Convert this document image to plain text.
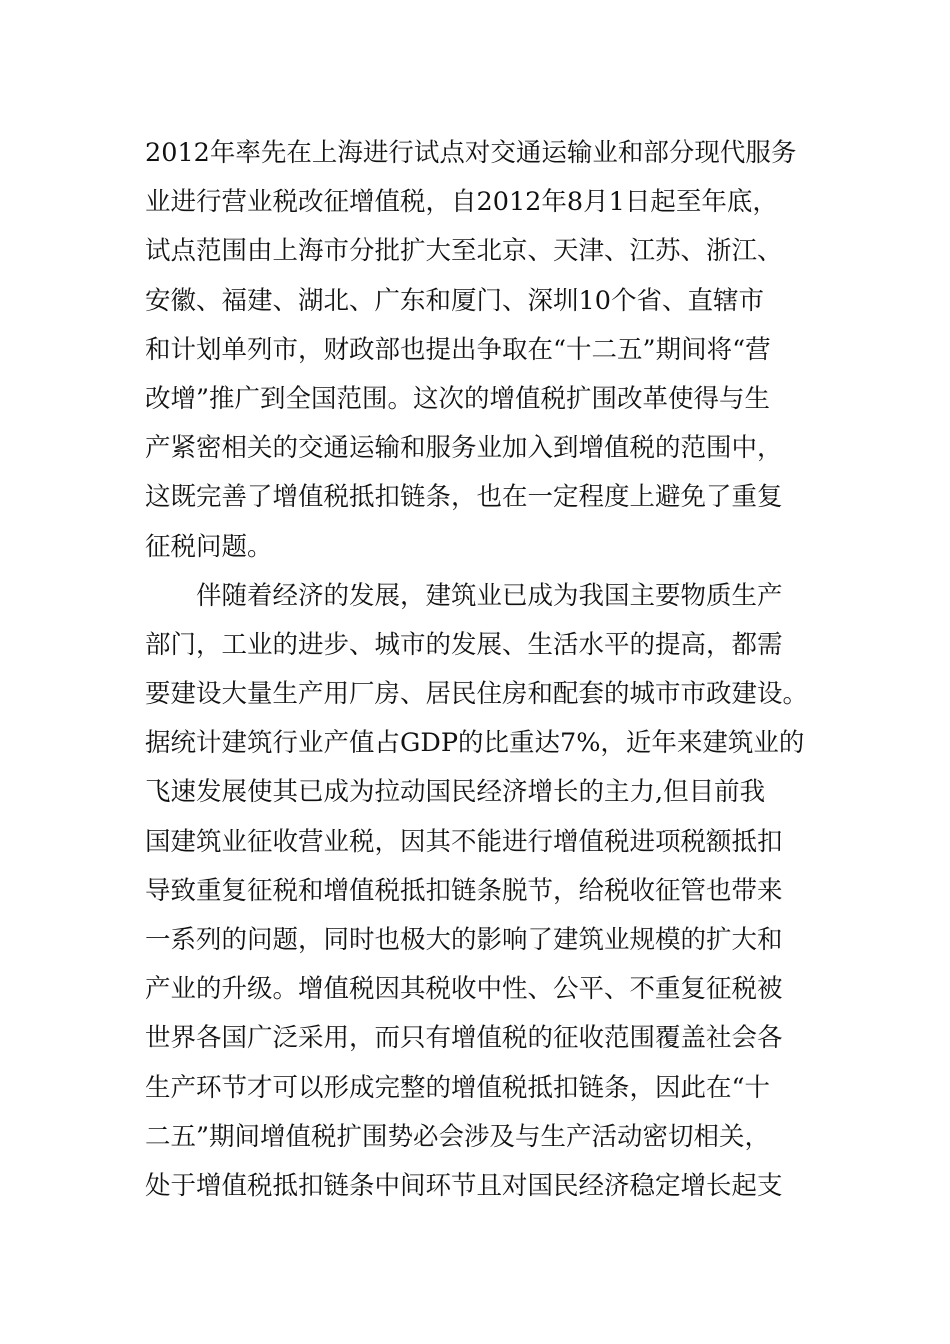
2012年率先在上海进行试点对交通运输业和部分现代服务
业进行营业税改征增值税，自2012年8月1日起至年底，
试点范围由上海市分批扩大至北京、天津、江苏、浙江、
安徽、福建、湖北、广东和厦门、深圳10个省、直辖市
和计划单列市，财政部也提出争取在“十二五”期间将“营
改增”推广到全国范围。这次的增值税扩围改革使得与生
产紧密相关的交通运输和服务业加入到增值税的范围中，
这既完善了增值税抵扣链条，也在一定程度上避免了重复
征税问题。
伴随着经济的发展，建筑业已成为我国主要物质生产
部门，工业的进步、城市的发展、生活水平的提高，都需
要建设大量生产用厂房、居民住房和配套的城市市政建设。
据统计建筑行业产值占GDP的比重达7%，近年来建筑业的
飞速发展使其已成为拉动国民经济增长的主力,但目前我
国建筑业征收营业税，因其不能进行增值税进项税额抵扣
导致重复征税和增值税抵扣链条脱节，给税收征管也带来
一系列的问题，同时也极大的影响了建筑业规模的扩大和
产业的升级。增值税因其税收中性、公平、不重复征税被
世界各国广泛采用，而只有增值税的征收范围覆盖社会各
生产环节才可以形成完整的增值税抵扣链条，因此在“十
二五”期间增值税扩围势必会涉及与生产活动密切相关，
处于增值税抵扣链条中间环节且对国民经济稳定增长起支
